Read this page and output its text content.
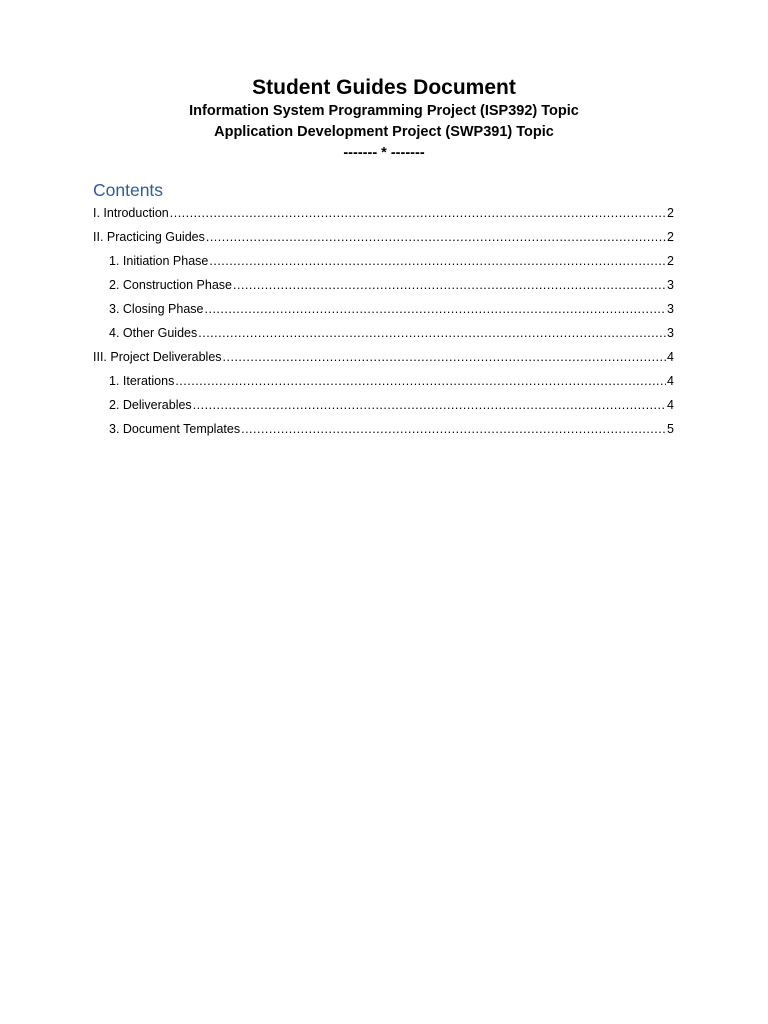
Student Guides Document
Information System Programming Project (ISP392) Topic
Application Development Project (SWP391) Topic
------- * -------
Contents
I. Introduction .....	2
II. Practicing Guides .....	2
1. Initiation Phase .....	2
2. Construction Phase .....	3
3. Closing Phase .....	3
4. Other Guides .....	3
III. Project Deliverables .....	4
1. Iterations .....	4
2. Deliverables .....	4
3. Document Templates .....	5
